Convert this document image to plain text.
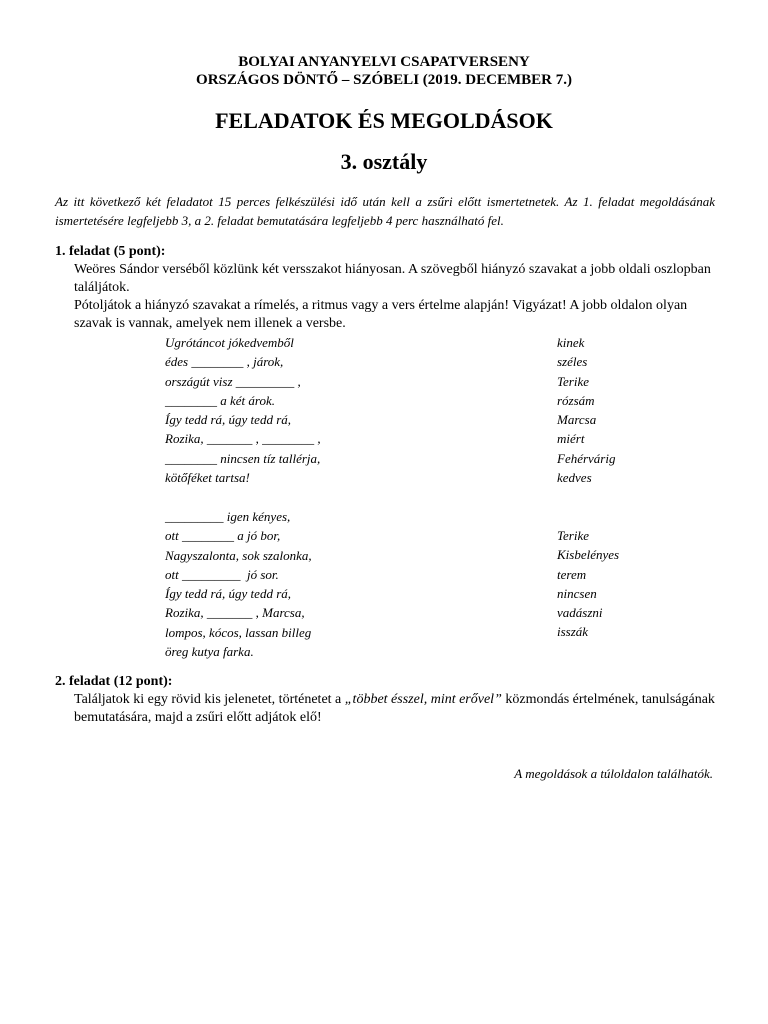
BOLYAI ANYANYELVI CSAPATVERSENY
ORSZÁGOS DÖNTŐ – SZÓBELI (2019. DECEMBER 7.)
FELADATOK ÉS MEGOLDÁSOK
3. osztály
Az itt következő két feladatot 15 perces felkészülési idő után kell a zsűri előtt ismertetnetek. Az 1. feladat megoldásának ismertetésére legfeljebb 3, a 2. feladat bemutatására legfeljebb 4 perc használható fel.
1. feladat (5 pont):

Weöres Sándor verséből közlünk két versszakot hiányosan. A szövegből hiányzó szavakat a jobb oldali oszlopban találjátok.

Pótoljátok a hiányzó szavakat a rímelés, a ritmus vagy a vers értelme alapján! Vigyázat! A jobb oldalon olyan szavak is vannak, amelyek nem illenek a versbe.

Ugrótáncot jókedvemből
édes ________ , járok,
országút visz _________ ,
________ a két árok.
Így tedd rá, úgy tedd rá,
Rozika, _______ , ________ ,
________ nincsen tíz tallérja,
kötőféket tartsa!
kinek
széles
Terike
rózsám
Marcsa
miért
Fehérvárig
kedves
_________ igen kényes,
ott ________ a jó bor,
Nagyszalonta, sok szalonka,
ott _________  jó sor.
Így tedd rá, úgy tedd rá,
Rozika, _______ , Marcsa,
lompos, kócos, lassan billeg
öreg kutya farka.
Terike
Kisbelényes
terem
nincsen
vadászni
isszák
2. feladat (12 pont):

Találjatok ki egy rövid kis jelenetet, történetet a „többet ésszel, mint erővel” közmondás értelmének, tanulságának bemutatására, majd a zsűri előtt adjátok elő!

A megoldások a túloldalon találhatók.
